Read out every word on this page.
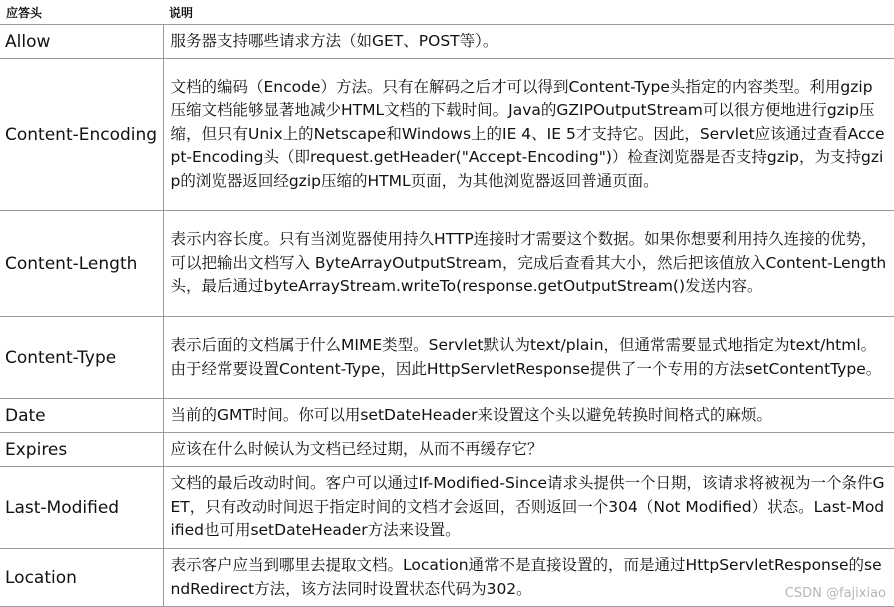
应答头	说明
Allow	服务器支持哪些请求方法（如GET、POST等）。
Content-Encoding	文档的编码（Encode）方法。只有在解码之后才可以得到Content-Type头指定的内容类型。利用gzip压缩文档能够显著地减少HTML文档的下载时间。Java的GZIPOutputStream可以很方便地进行gzip压缩，但只有Unix上的Netscape和Windows上的IE 4、IE 5才支持它。因此，Servlet应该通过查看Accept-Encoding头（即request.getHeader("Accept-Encoding")）检查浏览器是否支持gzip，为支持gzip的浏览器返回经gzip压缩的HTML页面，为其他浏览器返回普通页面。
Content-Length	表示内容长度。只有当浏览器使用持久HTTP连接时才需要这个数据。如果你想要利用持久连接的优势，可以把输出文档写入 ByteArrayOutputStream，完成后查看其大小，然后把该值放入Content-Length头，最后通过byteArrayStream.writeTo(response.getOutputStream()发送内容。
Content-Type	表示后面的文档属于什么MIME类型。Servlet默认为text/plain，但通常需要显式地指定为text/html。由于经常要设置Content-Type，因此HttpServletResponse提供了一个专用的方法setContentType。
Date	当前的GMT时间。你可以用setDateHeader来设置这个头以避免转换时间格式的麻烦。
Expires	应该在什么时候认为文档已经过期，从而不再缓存它？
Last-Modified	文档的最后改动时间。客户可以通过If-Modified-Since请求头提供一个日期，该请求将被视为一个条件GET，只有改动时间迟于指定时间的文档才会返回，否则返回一个304（Not Modified）状态。Last-Modified也可用setDateHeader方法来设置。
Location	表示客户应当到哪里去提取文档。Location通常不是直接设置的，而是通过HttpServletResponse的sendRedirect方法，该方法同时设置状态代码为302。	CSDN @fajixiao
